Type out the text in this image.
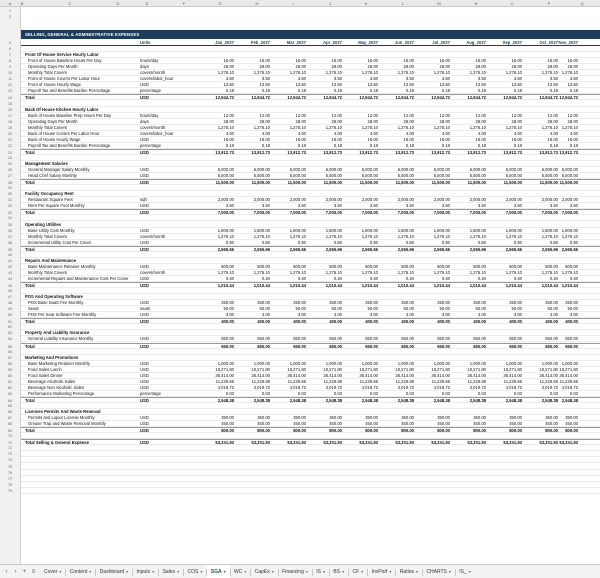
A	B	C	D	E	F	G	H	I	J	K	L	M	N	O	P	Q
1
2
SELLING, GENERAL & ADMINISTRATIVE EXPENSES
5	Units	Jan_2027	Feb_2027	Mar_2027	Apr_2027	May_2027	Jun_2027	Jul_2027	Aug_2027	Sep_2027	Oct_2027 Nov_2027
6
7	Front Of House Service Hourly Labor
8	Front of House Baseline Hours Per Day	hours/day	16.00	16.00	16.00	16.00	16.00	16.00	16.00	16.00	16.00	16.00	16.00
9	Operating Days Per Month	days	28.00	28.00	28.00	28.00	28.00	28.00	28.00	28.00	28.00	28.00	28.00
10	Monthly Total Covers	covers/month	1,276.10	1,276.10	1,276.10	1,276.10	1,276.10	1,276.10	1,276.10	1,276.10	1,276.10	1,276.10 1,276.10
11	Front of House Covers Per Labor Hour	covers/labor_hour	3.50	3.50	3.50	3.50	3.50	3.50	3.50	3.50	3.50	3.50	3.50
12	Front of House Hourly Wage	USD	13.50	13.50	13.50	13.50	13.50	13.50	13.50	13.50	13.50	13.50	13.50
13	Payroll Tax and Benefits Burden Percentage	percentage	0.18	0.18	0.18	0.18	0.18	0.18	0.18	0.18	0.18	0.18	0.18
14	Total	USD	12,944.72	12,944.72	12,944.72	12,944.72	12,944.72	12,944.72	12,944.72	12,944.72	12,944.72	12,944.72 12,944.72
15
16	Back Of House Kitchen Hourly Labor
17	Back of House Baseline Prep Hours Per Day	hours/day	12.00	12.00	12.00	12.00	12.00	12.00	12.00	12.00	12.00	12.00	12.00
18	Operating Days Per Month	days	28.00	28.00	28.00	28.00	28.00	28.00	28.00	28.00	28.00	28.00	28.00
19	Monthly Total Covers	covers/month	1,276.10	1,276.10	1,276.10	1,276.10	1,276.10	1,276.10	1,276.10	1,276.10	1,276.10	1,276.10 1,276.10
20	Back of House Covers Per Labor Hour	covers/labor_hour	4.00	4.00	4.00	4.00	4.00	4.00	4.00	4.00	4.00	4.00	4.00
21	Back of House Hourly Wage	USD	18.00	18.00	18.00	18.00	18.00	18.00	18.00	18.00	18.00	18.00	18.00
22	Payroll Tax and Benefits Burden Percentage	percentage	0.18	0.18	0.18	0.18	0.18	0.18	0.18	0.18	0.18	0.18	0.18
23	Total	USD	13,912.73	13,912.73	13,912.73	13,912.73	13,912.73	13,912.73	13,912.73	13,912.73	13,912.73	13,912.73 13,912.73
24
25	Management Salaries
26	General Manager Salary Monthly	USD	6,000.00	6,000.00	6,000.00	6,000.00	6,000.00	6,000.00	6,000.00	6,000.00	6,000.00	6,000.00 6,000.00
27	Head Chef Salary Monthly	USD	5,500.00	5,500.00	5,500.00	5,500.00	5,500.00	5,500.00	5,500.00	5,500.00	5,500.00	5,500.00 5,500.00
28	Total	USD	11,500.00	11,500.00	11,500.00	11,500.00	11,500.00	11,500.00	11,500.00	11,500.00	11,500.00	11,500.00 11,500.00
29
30	Facility Occupancy Rent
31	Restaurant Square Feet	sqft	2,000.00	2,000.00	2,000.00	2,000.00	2,000.00	2,000.00	2,000.00	2,000.00	2,000.00	2,000.00 2,000.00
32	Rent Per Square Foot Monthly	USD	3.50	3.50	3.50	3.50	3.50	3.50	3.50	3.50	3.50	3.50	3.50
33	Total	USD	7,000.00	7,000.00	7,000.00	7,000.00	7,000.00	7,000.00	7,000.00	7,000.00	7,000.00	7,000.00 7,000.00
34
35	Operating Utilities
36	Base Utility Cost Monthly	USD	1,800.00	1,800.00	1,800.00	1,800.00	1,800.00	1,800.00	1,800.00	1,800.00	1,800.00	1,800.00 1,800.00
37	Monthly Total Covers	covers/month	1,276.10	1,276.10	1,276.10	1,276.10	1,276.10	1,276.10	1,276.10	1,276.10	1,276.10	1,276.10 1,276.10
38	Incremental Utility Cost Per Cover	USD	0.60	0.60	0.60	0.60	0.60	0.60	0.60	0.60	0.60	0.60	0.60
39	Total	USD	2,565.66	2,565.66	2,565.66	2,565.66	2,565.66	2,565.66	2,565.66	2,565.66	2,565.66	2,565.66 2,565.66
40
41	Repairs And Maintenance
42	Base Maintenance Retainer Monthly	USD	500.00	500.00	500.00	500.00	500.00	500.00	500.00	500.00	500.00	500.00	500.00
43	Monthly Total Covers	covers/month	1,276.10	1,276.10	1,276.10	1,276.10	1,276.10	1,276.10	1,276.10	1,276.10	1,276.10	1,276.10 1,276.10
44	Incremental Repairs and Maintenance Cost Per Cover	USD	0.40	0.40	0.40	0.40	0.40	0.40	0.40	0.40	0.40	0.40	0.40
45	Total	USD	1,010.44	1,010.44	1,010.44	1,010.44	1,010.44	1,010.44	1,010.44	1,010.44	1,010.44	1,010.44 1,010.44
46
47	POS And Operating Software
48	POS Base SaaS Fee Monthly	USD	250.00	250.00	250.00	250.00	250.00	250.00	250.00	250.00	250.00	250.00	250.00
49	Seats	seats	50.00	50.00	50.00	50.00	50.00	50.00	50.00	50.00	50.00	50.00	50.00
50	POS Per Seat Software Fee Monthly	USD	3.00	3.00	3.00	3.00	3.00	3.00	3.00	3.00	3.00	3.00	3.00
51	Total	USD	400.00	400.00	400.00	400.00	400.00	400.00	400.00	400.00	400.00	400.00	400.00
52
53	Property And Liability Insurance
54	General Liability Insurance Monthly	USD	650.00	650.00	650.00	650.00	650.00	650.00	650.00	650.00	650.00	650.00	650.00
55	Total	USD	650.00	650.00	650.00	650.00	650.00	650.00	650.00	650.00	650.00	650.00	650.00
56
57	Marketing And Promotions
58	Base Marketing Retainer Monthly	USD	1,000.00	1,000.00	1,000.00	1,000.00	1,000.00	1,000.00	1,000.00	1,000.00	1,000.00	1,000.00 1,000.00
59	Food Sales Lunch	USD	10,271.80	10,271.80	10,271.80	10,271.80	10,271.80	10,271.80	10,271.80	10,271.80	10,271.80	10,271.80 10,271.80
60	Food Sales Dinner	USD	36,414.00	36,414.00	36,414.00	36,414.00	36,414.00	36,414.00	36,414.00	36,414.00	36,414.00	36,414.00 36,414.00
61	Beverage Alcoholic Sales	USD	11,229.68	11,229.68	11,229.68	11,229.68	11,229.68	11,229.68	11,229.68	11,229.68	11,229.68	11,229.68 11,229.68
62	Beverage Non Alcoholic Sales	USD	4,019.72	4,019.72	4,019.72	4,019.72	4,019.72	4,019.72	4,019.72	4,019.72	4,019.72	4,019.72 4,019.72
63	Performance Marketing Percentage	percentage	0.03	0.03	0.03	0.03	0.03	0.03	0.03	0.03	0.03	0.03	0.03
64	Total	USD	2,548.38	2,548.38	2,548.38	2,548.38	2,548.38	2,548.38	2,548.38	2,548.38	2,548.38	2,548.38 2,548.38
65
66	Licenses Permits And Waste Removal
67	Permits and Liquor License Monthly	USD	350.00	350.00	350.00	350.00	350.00	350.00	350.00	350.00	350.00	350.00	350.00
68	Grease Trap and Waste Removal Monthly	USD	450.00	450.00	450.00	450.00	450.00	450.00	450.00	450.00	450.00	450.00	450.00
69	Total	USD	800.00	800.00	800.00	800.00	800.00	800.00	800.00	800.00	800.00	800.00	800.00
70
71	Total Selling & General Expense	USD	53,331.93	53,331.93	53,331.93	53,331.93	53,331.93	53,331.93	53,331.93	53,331.93	53,331.93	53,331.93 53,331.93
72
73
74
75
76
77
78
79
‹	›	+ ≡	Cover ▾ Content ▾ Dashboard ▾ Inputs ▾ Sales ▾ COS ▾ SGA ▾ WC ▾ CapEx ▾ Financing ▾ IS ▾ BS ▾ CF ▾ InvPerf ▾ Ratios ▾ CHARTS ▾ IS_ ▾
